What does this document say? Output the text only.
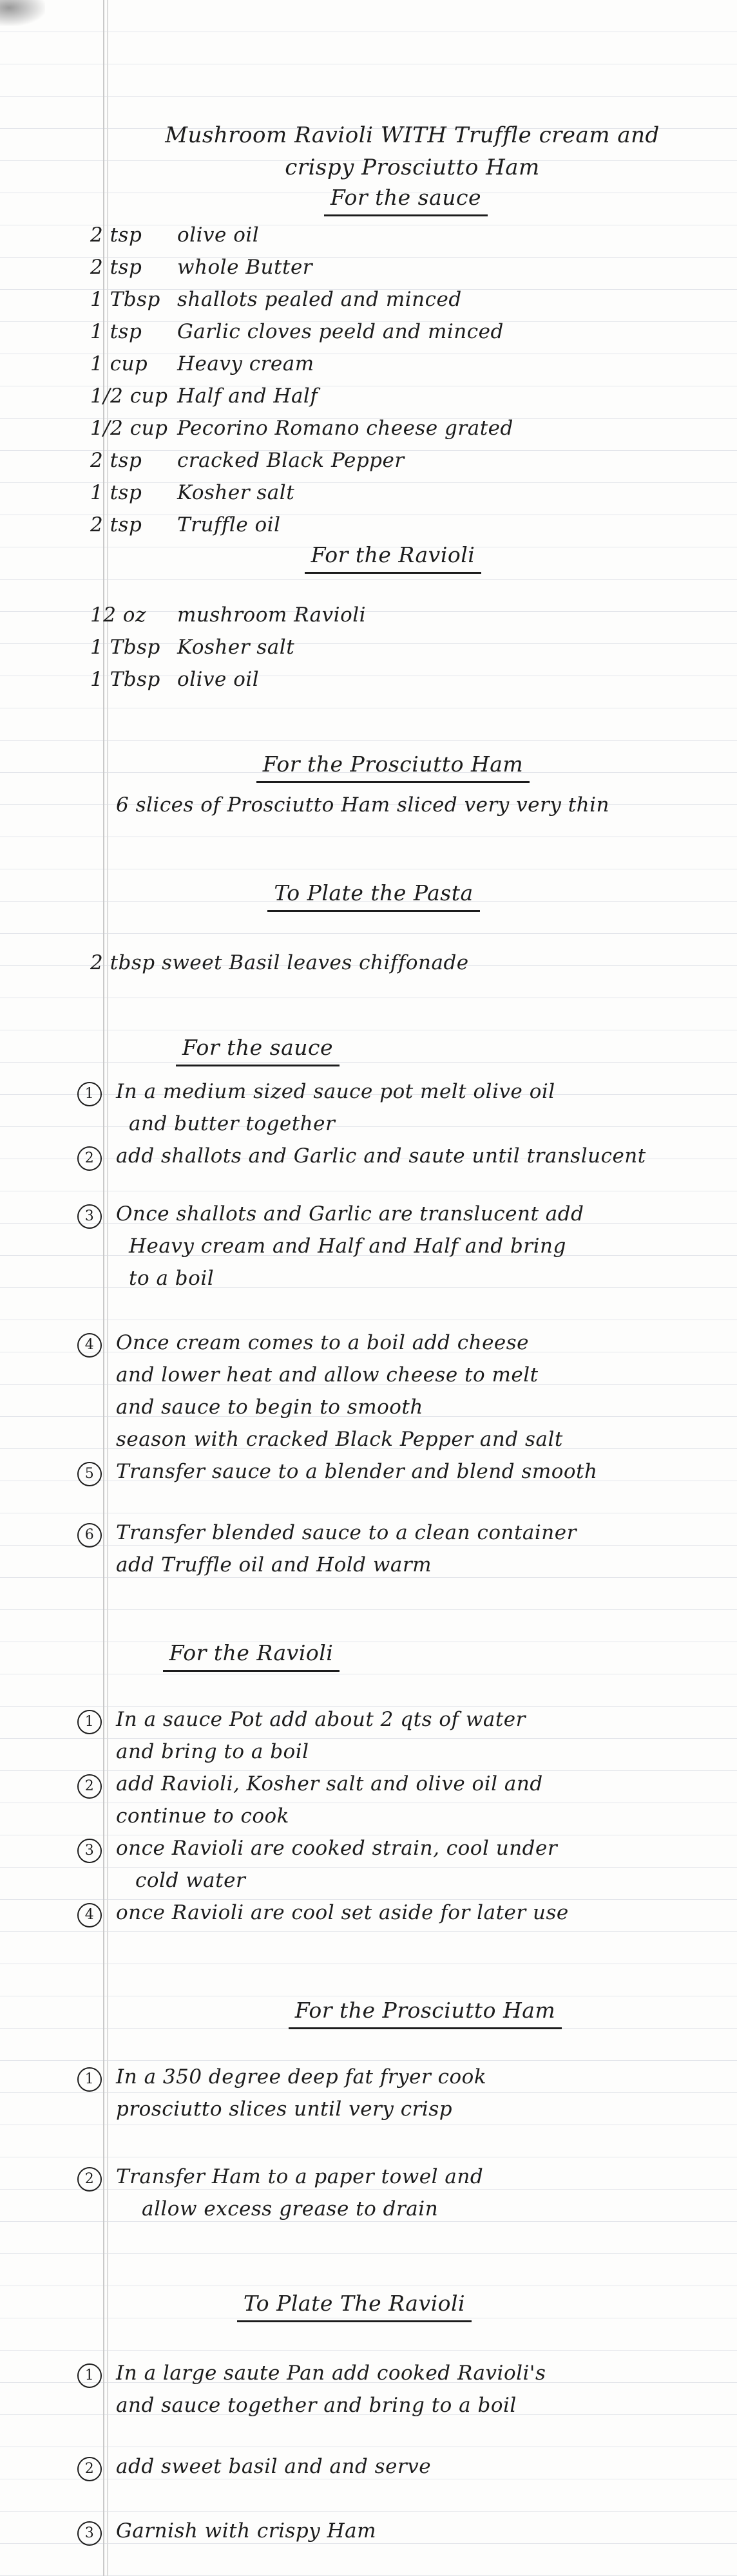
Mushroom Ravioli WITH Truffle cream and
crispy Prosciutto Ham
For the sauce
2 tsp olive oil
2 tsp whole Butter
1 Tbsp shallots pealed and minced
1 tsp Garlic cloves peeld and minced
1 cup Heavy cream
1/2 cup Half and Half
1/2 cup Pecorino Romano cheese grated
2 tsp cracked Black Pepper
1 tsp Kosher salt
2 tsp Truffle oil
For the Ravioli
12 oz mushroom Ravioli
1 Tbsp Kosher salt
1 Tbsp olive oil
For the Prosciutto Ham
6 slices of Prosciutto Ham sliced very very thin
To Plate the Pasta
2 tbsp sweet Basil leaves chiffonade
For the sauce
1	In a medium sized sauce pot melt olive oil
and butter together
2	add shallots and Garlic and saute until translucent
3	Once shallots and Garlic are translucent add
Heavy cream and Half and Half and bring
to a boil
4	Once cream comes to a boil add cheese
and lower heat and allow cheese to melt
and sauce to begin to smooth
season with cracked Black Pepper and salt
5	Transfer sauce to a blender and blend smooth
6	Transfer blended sauce to a clean container
add Truffle oil and Hold warm
For the Ravioli
1	In a sauce Pot add about 2 qts of water
and bring to a boil
2	add Ravioli, Kosher salt and olive oil and
continue to cook
3	once Ravioli are cooked strain, cool under
cold water
4	once Ravioli are cool set aside for later use
For the Prosciutto Ham
1	In a 350 degree deep fat fryer cook
prosciutto slices until very crisp
2	Transfer Ham to a paper towel and
allow excess grease to drain
To Plate The Ravioli
1	In a large saute Pan add cooked Ravioli's
and sauce together and bring to a boil
2	add sweet basil and and serve
3	Garnish with crispy Ham
